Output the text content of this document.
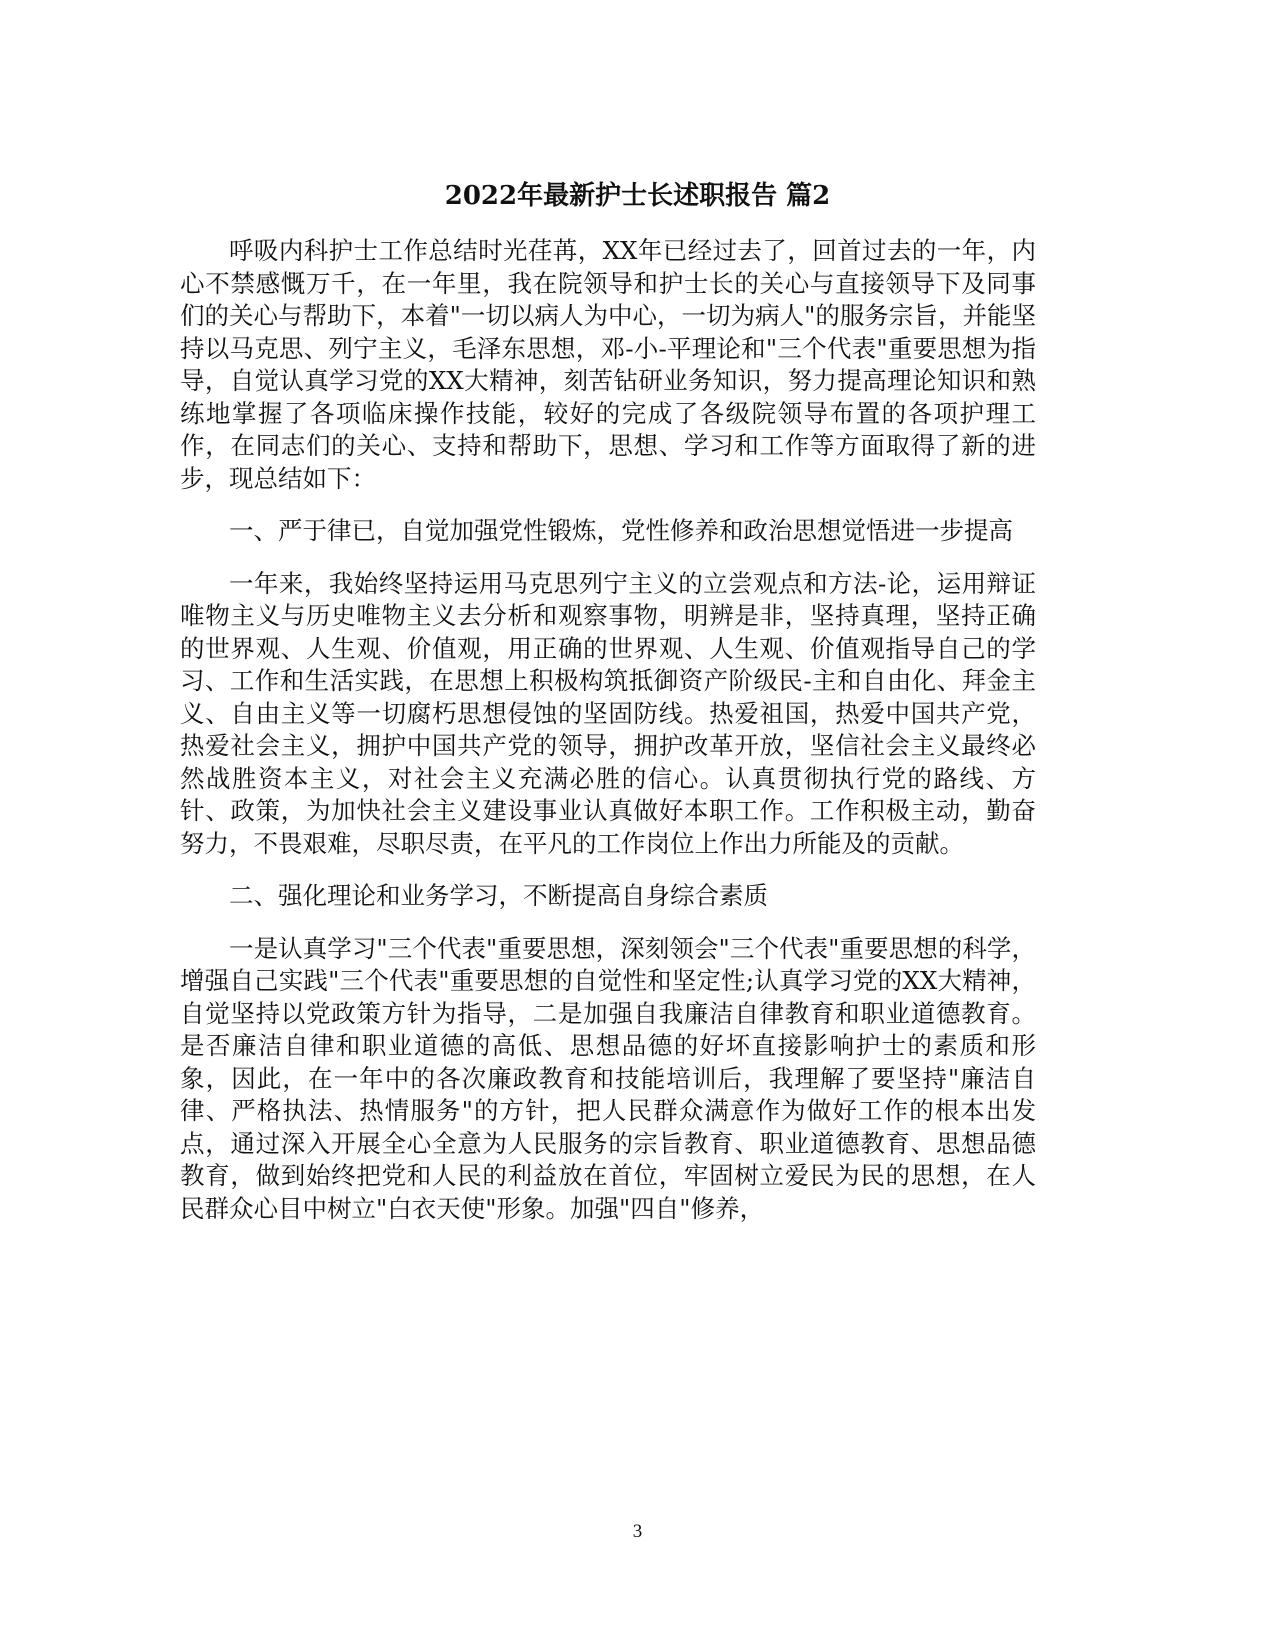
2022年最新护士长述职报告 篇2

呼吸内科护士工作总结时光荏苒，XX年已经过去了，回首过去的一年，内心不禁感慨万千，在一年里，我在院领导和护士长的关心与直接领导下及同事们的关心与帮助下，本着"一切以病人为中心，一切为病人"的服务宗旨，并能坚持以马克思、列宁主义，毛泽东思想，邓-小-平理论和"三个代表"重要思想为指导，自觉认真学习党的XX大精神，刻苦钻研业务知识，努力提高理论知识和熟练地掌握了各项临床操作技能，较好的完成了各级院领导布置的各项护理工作，在同志们的关心、支持和帮助下，思想、学习和工作等方面取得了新的进步，现总结如下：

一、严于律已，自觉加强党性锻炼，党性修养和政治思想觉悟进一步提高

一年来，我始终坚持运用马克思列宁主义的立尝观点和方法-论，运用辩证唯物主义与历史唯物主义去分析和观察事物，明辨是非，坚持真理，坚持正确的世界观、人生观、价值观，用正确的世界观、人生观、价值观指导自己的学习、工作和生活实践，在思想上积极构筑抵御资产阶级民-主和自由化、拜金主义、自由主义等一切腐朽思想侵蚀的坚固防线。热爱祖国，热爱中国共产党，热爱社会主义，拥护中国共产党的领导，拥护改革开放，坚信社会主义最终必然战胜资本主义，对社会主义充满必胜的信心。认真贯彻执行党的路线、方针、政策，为加快社会主义建设事业认真做好本职工作。工作积极主动，勤奋努力，不畏艰难，尽职尽责，在平凡的工作岗位上作出力所能及的贡献。

二、强化理论和业务学习，不断提高自身综合素质

一是认真学习"三个代表"重要思想，深刻领会"三个代表"重要思想的科学，增强自己实践"三个代表"重要思想的自觉性和坚定性;认真学习党的XX大精神，自觉坚持以党政策方针为指导，二是加强自我廉洁自律教育和职业道德教育。是否廉洁自律和职业道德的高低、思想品德的好坏直接影响护士的素质和形象，因此，在一年中的各次廉政教育和技能培训后，我理解了要坚持"廉洁自律、严格执法、热情服务"的方针，把人民群众满意作为做好工作的根本出发点，通过深入开展全心全意为人民服务的宗旨教育、职业道德教育、思想品德教育，做到始终把党和人民的利益放在首位，牢固树立爱民为民的思想，在人民群众心目中树立"白衣天使"形象。加强"四自"修养，

3
